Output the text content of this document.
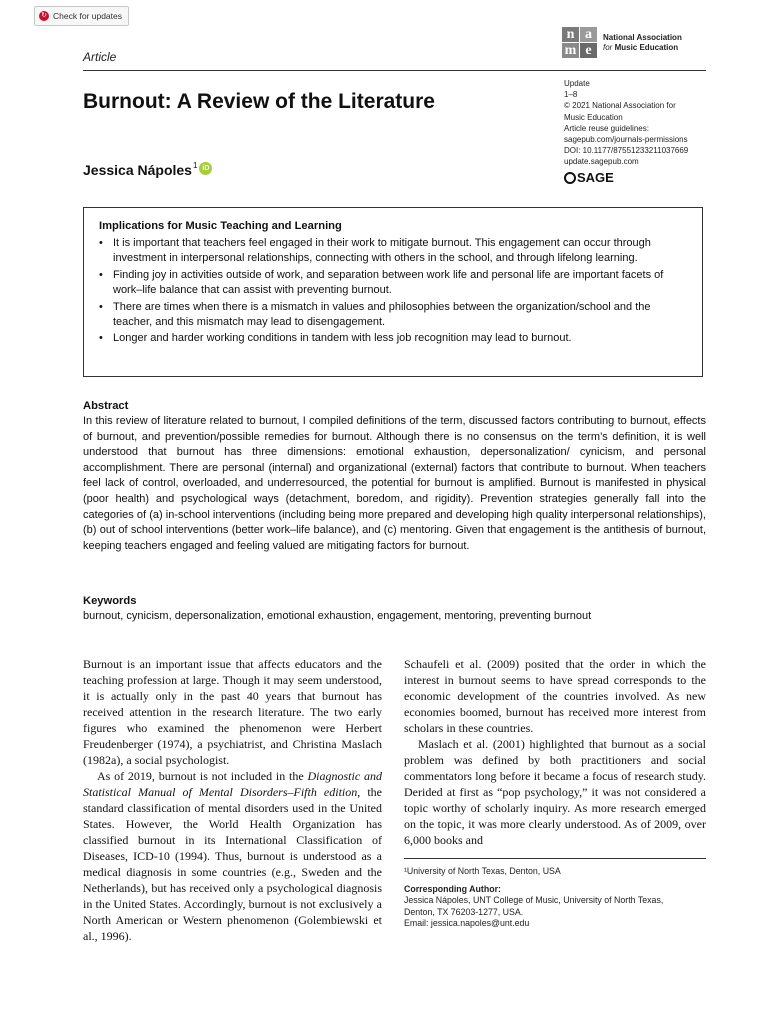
↻ Check for updates
Article
n a
m e
National Association
for Music Education
Burnout: A Review of the Literature
Jessica Nápoles$^1$ iD
Update
1–8
© 2021 National Association for
Music Education
Article reuse guidelines:
sagepub.com/journals-permissions
DOI: 10.1177/87551233211037669
update.sagepub.com
SAGE
Implications for Music Teaching and Learning
• It is important that teachers feel engaged in their work to mitigate burnout. This engagement can occur through investment in interpersonal relationships, connecting with others in the school, and through lifelong learning.
• Finding joy in activities outside of work, and separation between work life and personal life are important facets of work–life balance that can assist with preventing burnout.
• There are times when there is a mismatch in values and philosophies between the organization/school and the teacher, and this mismatch may lead to disengagement.
• Longer and harder working conditions in tandem with less job recognition may lead to burnout.
Abstract
In this review of literature related to burnout, I compiled definitions of the term, discussed factors contributing to burnout, effects of burnout, and prevention/possible remedies for burnout. Although there is no consensus on the term’s definition, it is well understood that burnout has three dimensions: emotional exhaustion, depersonalization/ cynicism, and personal accomplishment. There are personal (internal) and organizational (external) factors that contribute to burnout. When teachers feel lack of control, overloaded, and underresourced, the potential for burnout is amplified. Burnout is manifested in physical (poor health) and psychological ways (detachment, boredom, and rigidity). Prevention strategies generally fall into the categories of (a) in-school interventions (including being more prepared and developing high quality interpersonal relationships), (b) out of school interventions (better work–life balance), and (c) mentoring. Given that engagement is the antithesis of burnout, keeping teachers engaged and feeling valued are mitigating factors for burnout.
Keywords
burnout, cynicism, depersonalization, emotional exhaustion, engagement, mentoring, preventing burnout

Burnout is an important issue that affects educators and the teaching profession at large. Though it may seem understood, it is actually only in the past 40 years that burnout has received attention in the research literature. The two early figures who examined the phenomenon were Herbert Freudenberger (1974), a psychiatrist, and Christina Maslach (1982a), a social psychologist.

As of 2019, burnout is not included in the Diagnostic and Statistical Manual of Mental Disorders–Fifth edition, the standard classification of mental disorders used in the United States. However, the World Health Organization has classified burnout in its International Classification of Diseases, ICD-10 (1994). Thus, burnout is understood as a medical diagnosis in some countries (e.g., Sweden and the Netherlands), but has received only a psychological diagnosis in the United States. Accordingly, burnout is not exclusively a North American or Western phenomenon (Golembiewski et al., 1996).

Schaufeli et al. (2009) posited that the order in which the interest in burnout seems to have spread corresponds to the economic development of the countries involved. As new economies boomed, burnout has received more interest from scholars in these countries.

Maslach et al. (2001) highlighted that burnout as a social problem was defined by both practitioners and social commentators long before it became a focus of research study. Derided at first as “pop psychology,” it was not considered a topic worthy of scholarly inquiry. As more research emerged on the topic, it was more clearly understood. As of 2009, over 6,000 books and

¹University of North Texas, Denton, USA
Corresponding Author:
Jessica Nápoles, UNT College of Music, University of North Texas,
Denton, TX 76203-1277, USA.
Email: jessica.napoles@unt.edu
